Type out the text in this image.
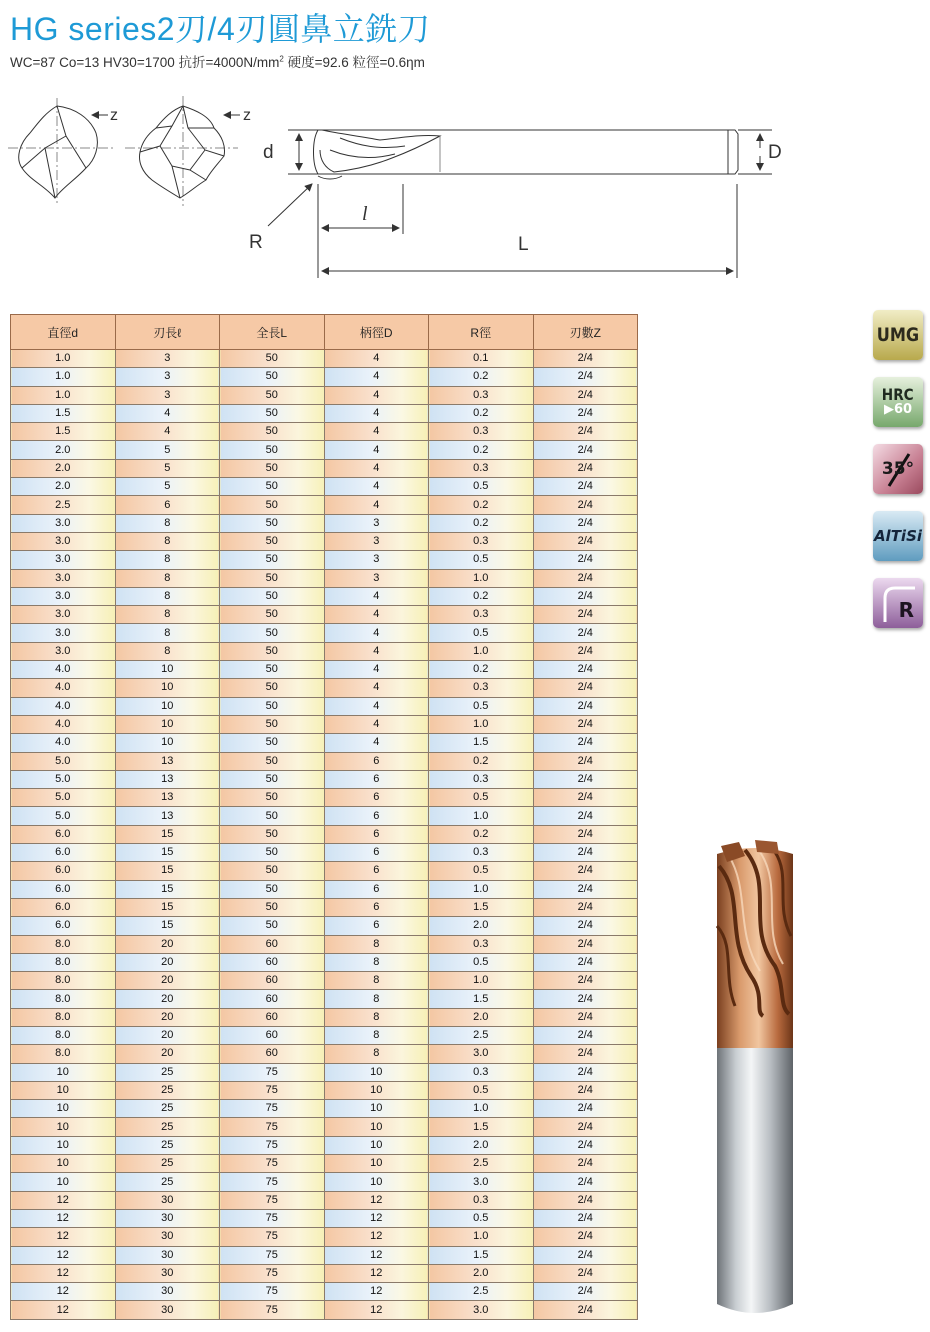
HG series2刃/4刃圓鼻立銑刀
WC=87 Co=13 HV30=1700 抗折$=4000N/mm^2$ 硬度=92.6 粒徑=0.6ηm
z	z
d	D
R
l
L
直徑d	刃長ℓ	全長L	柄徑D	R徑	刃數Z
1.0	3	50	4	0.1	2/4
1.0	3	50	4	0.2	2/4
1.0	3	50	4	0.3	2/4
1.5	4	50	4	0.2	2/4
1.5	4	50	4	0.3	2/4
2.0	5	50	4	0.2	2/4
2.0	5	50	4	0.3	2/4
2.0	5	50	4	0.5	2/4
2.5	6	50	4	0.2	2/4
3.0	8	50	3	0.2	2/4
3.0	8	50	3	0.3	2/4
3.0	8	50	3	0.5	2/4
3.0	8	50	3	1.0	2/4
3.0	8	50	4	0.2	2/4
3.0	8	50	4	0.3	2/4
3.0	8	50	4	0.5	2/4
3.0	8	50	4	1.0	2/4
4.0	10	50	4	0.2	2/4
4.0	10	50	4	0.3	2/4
4.0	10	50	4	0.5	2/4
4.0	10	50	4	1.0	2/4
4.0	10	50	4	1.5	2/4
5.0	13	50	6	0.2	2/4
5.0	13	50	6	0.3	2/4
5.0	13	50	6	0.5	2/4
5.0	13	50	6	1.0	2/4
6.0	15	50	6	0.2	2/4
6.0	15	50	6	0.3	2/4
6.0	15	50	6	0.5	2/4
6.0	15	50	6	1.0	2/4
6.0	15	50	6	1.5	2/4
6.0	15	50	6	2.0	2/4
8.0	20	60	8	0.3	2/4
8.0	20	60	8	0.5	2/4
8.0	20	60	8	1.0	2/4
8.0	20	60	8	1.5	2/4
8.0	20	60	8	2.0	2/4
8.0	20	60	8	2.5	2/4
8.0	20	60	8	3.0	2/4
10	25	75	10	0.3	2/4
10	25	75	10	0.5	2/4
10	25	75	10	1.0	2/4
10	25	75	10	1.5	2/4
10	25	75	10	2.0	2/4
10	25	75	10	2.5	2/4
10	25	75	10	3.0	2/4
12	30	75	12	0.3	2/4
12	30	75	12	0.5	2/4
12	30	75	12	1.0	2/4
12	30	75	12	1.5	2/4
12	30	75	12	2.0	2/4
12	30	75	12	2.5	2/4
12	30	75	12	3.0	2/4
UMG
HRC
▶60
35°
AlTiSi
R
